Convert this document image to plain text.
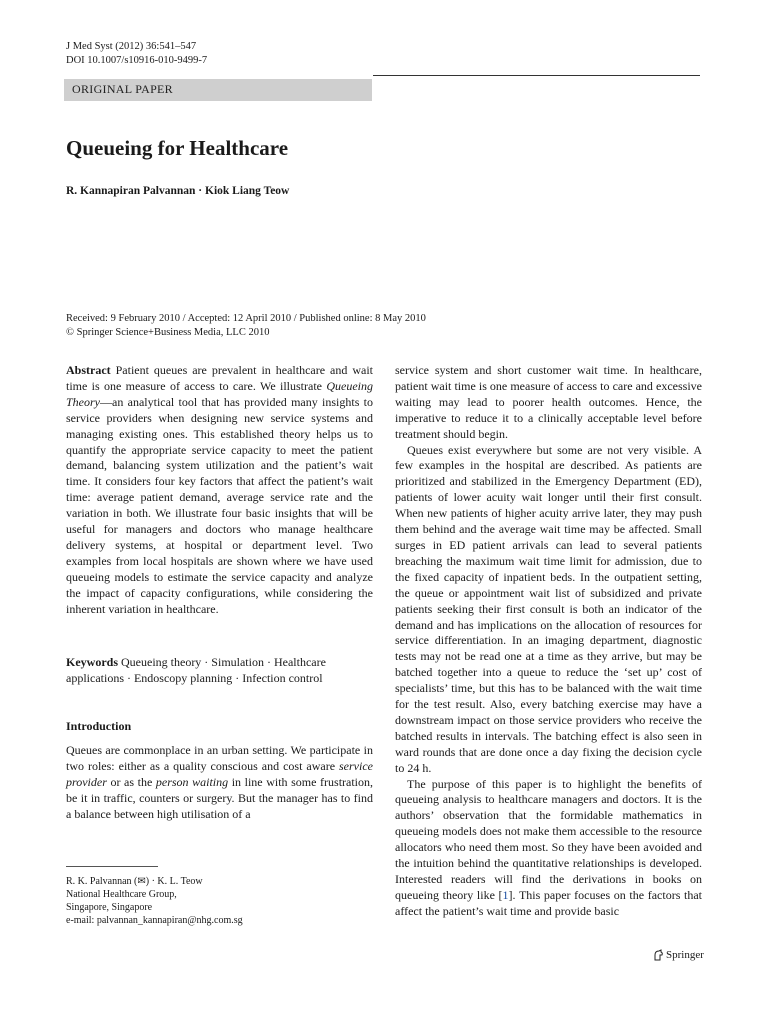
J Med Syst (2012) 36:541–547
DOI 10.1007/s10916-010-9499-7
ORIGINAL PAPER
Queueing for Healthcare
R. Kannapiran Palvannan · Kiok Liang Teow
Received: 9 February 2010 / Accepted: 12 April 2010 / Published online: 8 May 2010
© Springer Science+Business Media, LLC 2010

Abstract Patient queues are prevalent in healthcare and wait time is one measure of access to care. We illustrate Queueing Theory—an analytical tool that has provided many insights to service providers when designing new service systems and managing existing ones. This established theory helps us to quantify the appropriate service capacity to meet the patient demand, balancing system utilization and the patient’s wait time. It considers four key factors that affect the patient’s wait time: average patient demand, average service rate and the variation in both. We illustrate four basic insights that will be useful for managers and doctors who manage healthcare delivery systems, at hospital or department level. Two examples from local hospitals are shown where we have used queueing models to estimate the service capacity and analyze the impact of capacity configurations, while considering the inherent variation in healthcare.

Keywords Queueing theory · Simulation · Healthcare applications · Endoscopy planning · Infection control

Introduction

Queues are commonplace in an urban setting. We participate in two roles: either as a quality conscious and cost aware service provider or as the person waiting in line with some frustration, be it in traffic, counters or surgery. But the manager has to find a balance between high utilisation of a

service system and short customer wait time. In healthcare, patient wait time is one measure of access to care and excessive waiting may lead to poorer health outcomes. Hence, the imperative to reduce it to a clinically acceptable level before treatment should begin.

Queues exist everywhere but some are not very visible. A few examples in the hospital are described. As patients are prioritized and stabilized in the Emergency Department (ED), patients of lower acuity wait longer until their first consult. When new patients of higher acuity arrive later, they may push them behind and the average wait time may be affected. Small surges in ED patient arrivals can lead to several patients breaching the maximum wait time limit for admission, due to the fixed capacity of inpatient beds. In the outpatient setting, the queue or appointment wait list of subsidized and private patients seeking their first consult is both an indicator of the demand and has implications on the allocation of resources for service differentiation. In an imaging department, diagnostic tests may not be read one at a time as they arrive, but may be batched together into a queue to reduce the ‘set up’ cost of specialists’ time, but this has to be balanced with the wait time for the test result. Also, every batching exercise may have a downstream impact on those service providers who receive the batched results in intervals. The batching effect is also seen in ward rounds that are done once a day fixing the decision cycle to 24 h.

The purpose of this paper is to highlight the benefits of queueing analysis to healthcare managers and doctors. It is the authors’ observation that the formidable mathematics in queueing models does not make them accessible to the resource allocators who need them most. So they have been avoided and the intuition behind the quantitative relationships is developed. Interested readers will find the derivations in books on queueing theory like [1]. This paper focuses on the factors that affect the patient’s wait time and provide basic

R. K. Palvannan (✉) · K. L. Teow
National Healthcare Group,
Singapore, Singapore
e-mail: palvannan_kannapiran@nhg.com.sg
Springer
